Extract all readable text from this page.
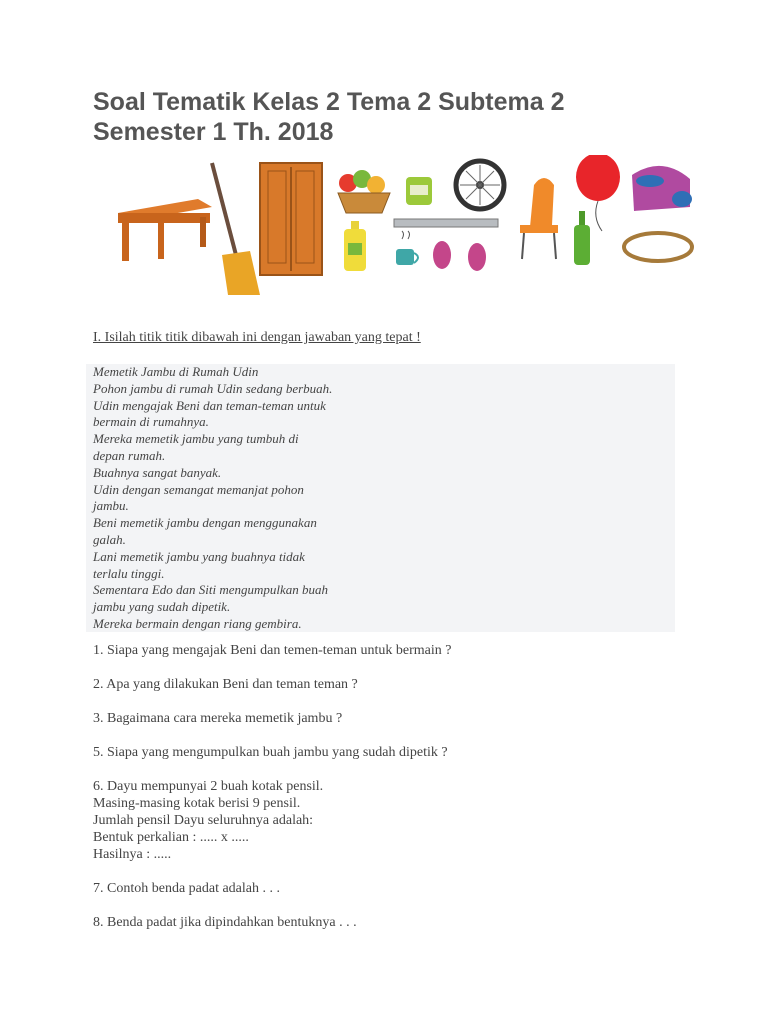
Soal Tematik Kelas 2 Tema 2 Subtema 2
Semester 1 Th. 2018

I. Isilah titik titik dibawah ini dengan jawaban yang tepat !

Memetik Jambu di Rumah Udin
Pohon jambu di rumah Udin sedang berbuah.
Udin mengajak Beni dan teman-teman untuk
bermain di rumahnya.
Mereka memetik jambu yang tumbuh di
depan rumah.
Buahnya sangat banyak.
Udin dengan semangat memanjat pohon
jambu.
Beni memetik jambu dengan menggunakan
galah.
Lani memetik jambu yang buahnya tidak
terlalu tinggi.
Sementara Edo dan Siti mengumpulkan buah
jambu yang sudah dipetik.
Mereka bermain dengan riang gembira.

1. Siapa yang mengajak Beni dan temen-teman untuk bermain ?

2. Apa yang dilakukan Beni dan teman teman ?

3. Bagaimana cara mereka memetik jambu ?

5. Siapa yang mengumpulkan buah jambu yang sudah dipetik ?

6. Dayu mempunyai 2 buah kotak pensil.
Masing-masing kotak berisi 9 pensil.
Jumlah pensil Dayu seluruhnya adalah:
Bentuk perkalian : ..... x .....
Hasilnya : .....

7. Contoh benda padat adalah . . .

8. Benda padat jika dipindahkan bentuknya . . .
